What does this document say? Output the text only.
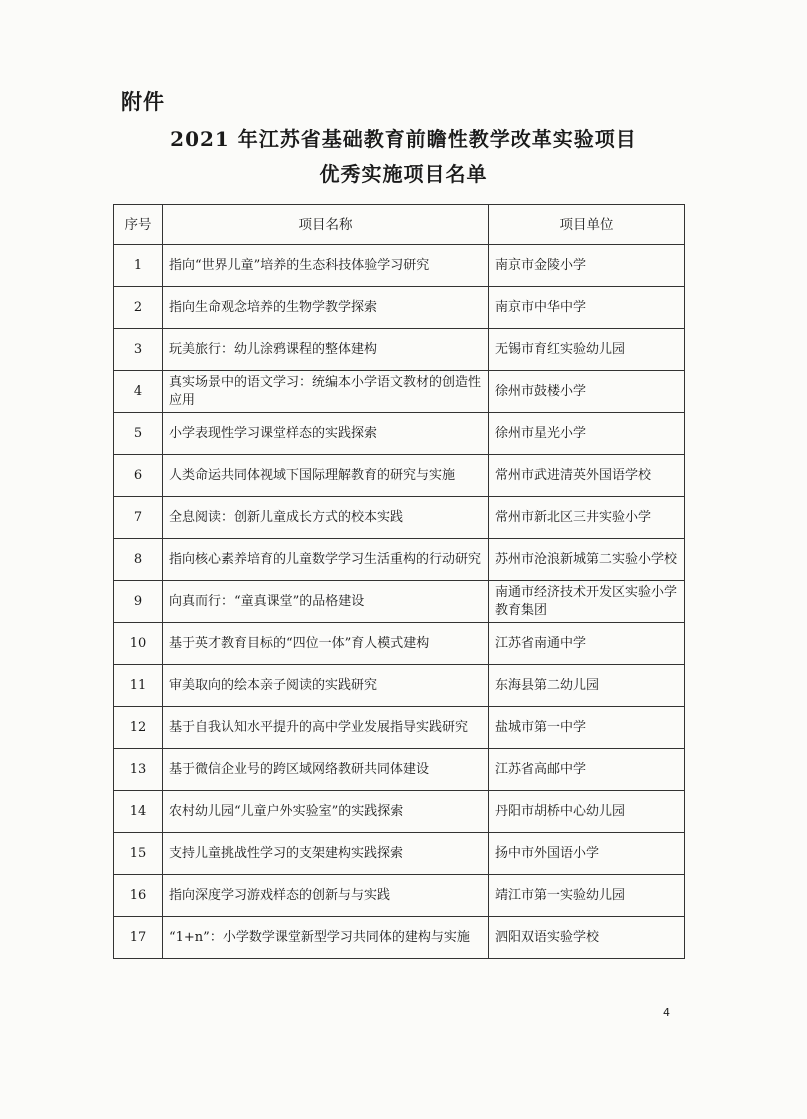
附件
2021 年江苏省基础教育前瞻性教学改革实验项目
优秀实施项目名单
序号	项目名称	项目单位
1	指向“世界儿童”培养的生态科技体验学习研究	南京市金陵小学
2	指向生命观念培养的生物学教学探索	南京市中华中学
3	玩美旅行：幼儿涂鸦课程的整体建构	无锡市育红实验幼儿园
4	真实场景中的语文学习：统编本小学语文教材的创造性应用	徐州市鼓楼小学
5	小学表现性学习课堂样态的实践探索	徐州市星光小学
6	人类命运共同体视域下国际理解教育的研究与实施	常州市武进清英外国语学校
7	全息阅读：创新儿童成长方式的校本实践	常州市新北区三井实验小学
8	指向核心素养培育的儿童数学学习生活重构的行动研究	苏州市沧浪新城第二实验小学校
9	向真而行：“童真课堂”的品格建设	南通市经济技术开发区实验小学教育集团
10	基于英才教育目标的“四位一体”育人模式建构	江苏省南通中学
11	审美取向的绘本亲子阅读的实践研究	东海县第二幼儿园
12	基于自我认知水平提升的高中学业发展指导实践研究	盐城市第一中学
13	基于微信企业号的跨区域网络教研共同体建设	江苏省高邮中学
14	农村幼儿园“儿童户外实验室”的实践探索	丹阳市胡桥中心幼儿园
15	支持儿童挑战性学习的支架建构实践探索	扬中市外国语小学
16	指向深度学习游戏样态的创新与与实践	靖江市第一实验幼儿园
17	“1+n”：小学数学课堂新型学习共同体的建构与实施	泗阳双语实验学校
4
